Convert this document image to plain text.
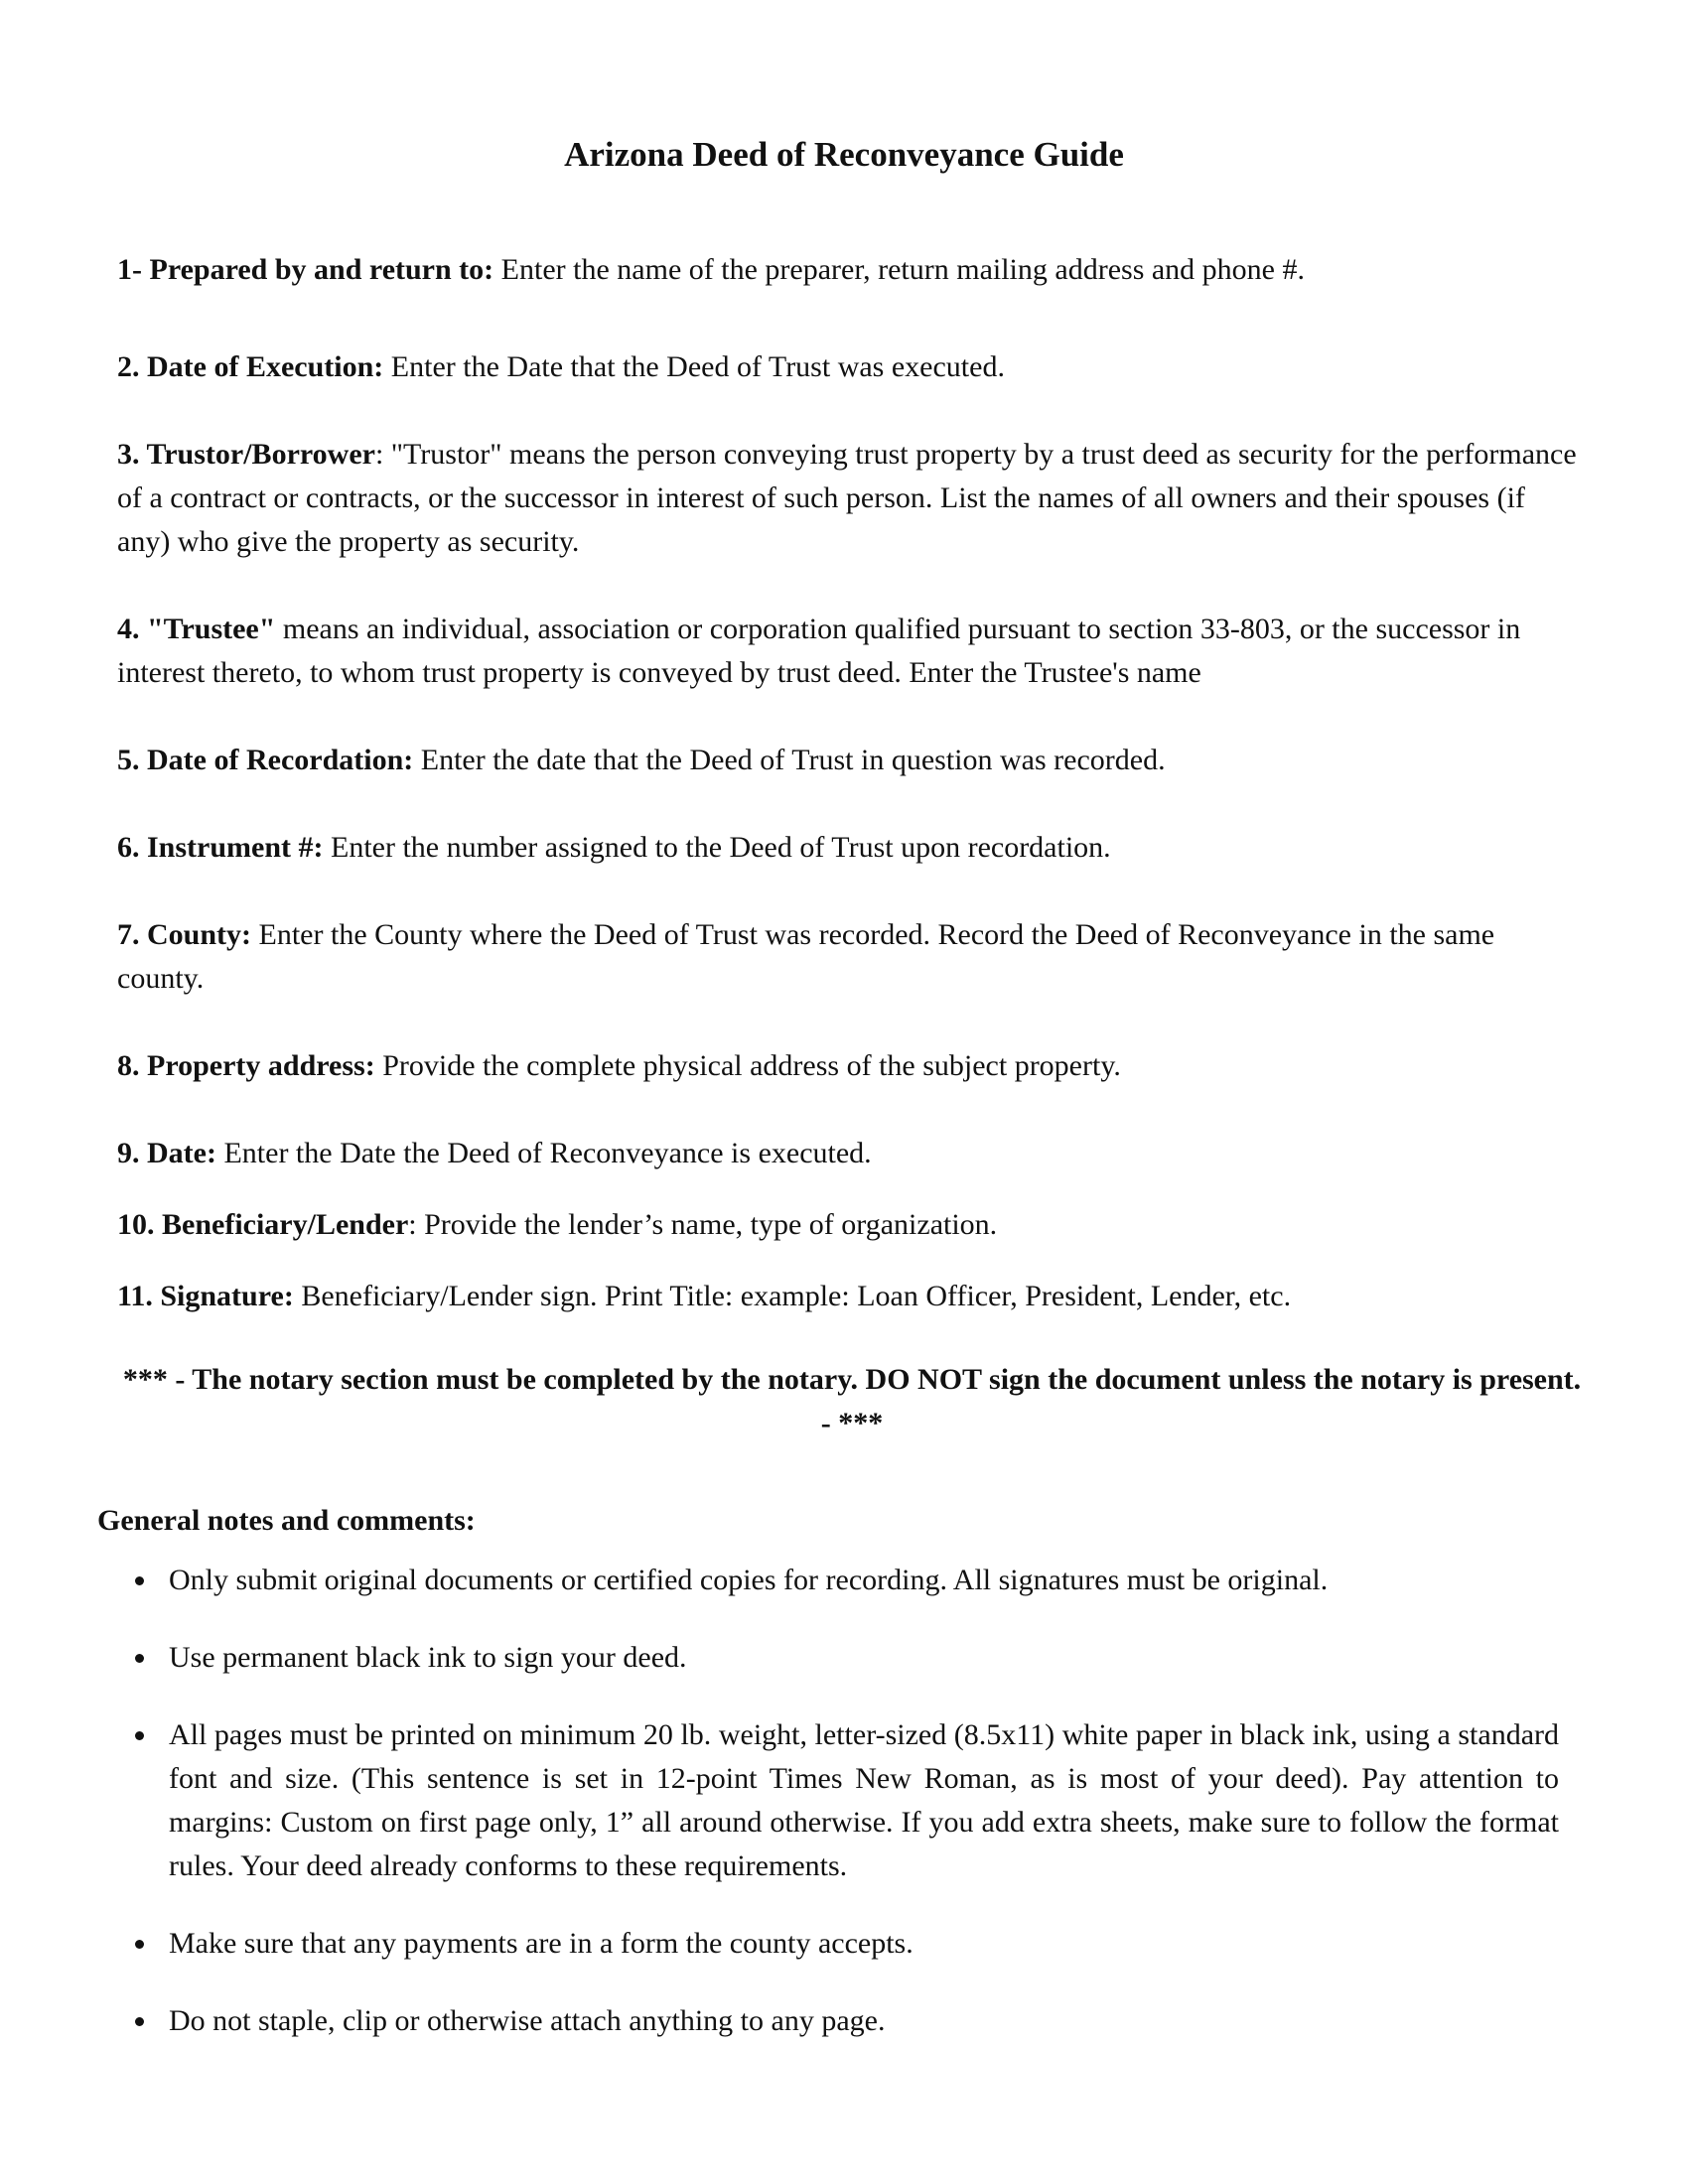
Arizona Deed of Reconveyance Guide
1- Prepared by and return to: Enter the name of the preparer, return mailing address and phone #.
2. Date of Execution: Enter the Date that the Deed of Trust was executed.
3. Trustor/Borrower: "Trustor" means the person conveying trust property by a trust deed as security for the performance of a contract or contracts, or the successor in interest of such person. List the names of all owners and their spouses (if any) who give the property as security.
4. "Trustee" means an individual, association or corporation qualified pursuant to section 33-803, or the successor in interest thereto, to whom trust property is conveyed by trust deed. Enter the Trustee's name
5. Date of Recordation: Enter the date that the Deed of Trust in question was recorded.
6. Instrument #: Enter the number assigned to the Deed of Trust upon recordation.
7. County: Enter the County where the Deed of Trust was recorded. Record the Deed of Reconveyance in the same county.
8. Property address: Provide the complete physical address of the subject property.
9. Date: Enter the Date the Deed of Reconveyance is executed.
10. Beneficiary/Lender: Provide the lender’s name, type of organization.
11. Signature: Beneficiary/Lender sign. Print Title: example: Loan Officer, President, Lender, etc.
*** - The notary section must be completed by the notary. DO NOT sign the document unless the notary is present. - ***
General notes and comments:
Only submit original documents or certified copies for recording. All signatures must be original.
Use permanent black ink to sign your deed.
All pages must be printed on minimum 20 lb. weight, letter-sized (8.5x11) white paper in black ink, using a standard font and size. (This sentence is set in 12-point Times New Roman, as is most of your deed). Pay attention to margins: Custom on first page only, 1” all around otherwise. If you add extra sheets, make sure to follow the format rules. Your deed already conforms to these requirements.
Make sure that any payments are in a form the county accepts.
Do not staple, clip or otherwise attach anything to any page.
